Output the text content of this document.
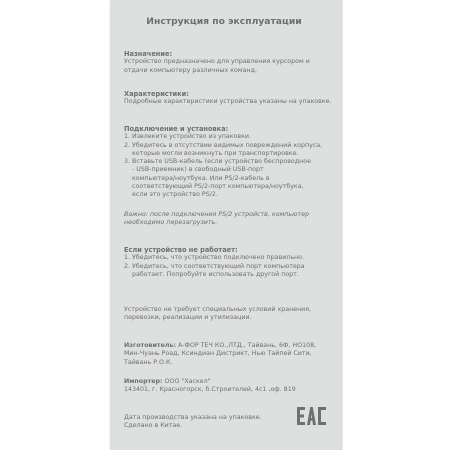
Инструкция по эксплуатации
Назначение:
Устройство предназначено для управления курсором и
отдачи компьютеру различных команд.
Характеристики:
Подробные характеристики устройства указаны на упаковке.
Подключение и установка:
1. Извлеките устройство из упаковки.
2. Убедитесь в отсутствии видимых повреждений корпуса,
которые могли возникнуть при транспортировке.
3. Вставьте USB-кабель (если устройство беспроводное
- USB-приемник) в свободный USB-порт
компьютера/ноутбука. Или PS/2-кабель в
соответствующий PS/2-порт компьютера/ноутбука,
если это устройство PS/2.
Важно: после подключения PS/2 устройств, компьютер
необходимо перезагрузить.
Если устройство не работает:
1. Убедитесь, что устройство подключено правильно.
2. Убедитесь, что соответствующий порт компьютера
работает. Попробуйте использовать другой порт.
Устройство не требует специальных условий хранения,
перевозки, реализации и утилизации.
Изготовитель: А-ФОР ТЕЧ КО.,ЛТД., Тайвань, 6Ф, НО108,
Мин-Чуань Роад, Ксиндиан Дистрикт, Нью Тайпей Сити,
Тайвань Р.О.К.
Импортер: ООО "Хаскел"
143401, г. Красногорск, б.Строителей, 4с1 ,оф. 819
Дата производства указана на упаковке.
Сделано в Китае.
